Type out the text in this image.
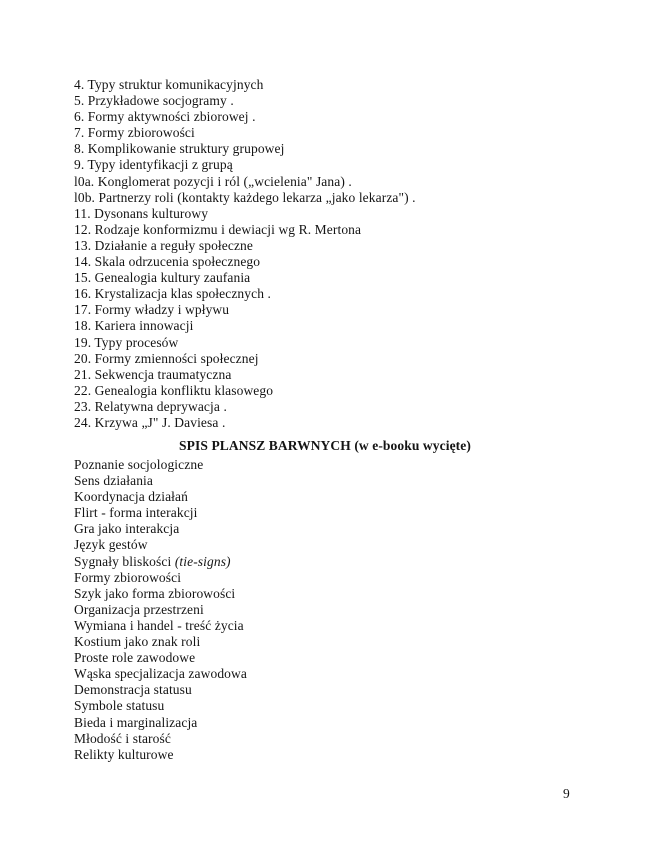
4. Typy struktur komunikacyjnych
5. Przykładowe socjogramy .
6. Formy aktywności zbiorowej .
7. Formy zbiorowości
8. Komplikowanie struktury grupowej
9. Typy identyfikacji z grupą
l0a. Konglomerat pozycji i ról („wcielenia" Jana) .
l0b. Partnerzy roli (kontakty każdego lekarza „jako lekarza") .
11. Dysonans kulturowy
12. Rodzaje konformizmu i dewiacji wg R. Mertona
13. Działanie a reguły społeczne
14. Skala odrzucenia społecznego
15. Genealogia kultury zaufania
16. Krystalizacja klas społecznych .
17. Formy władzy i wpływu
18. Kariera innowacji
19. Typy procesów
20. Formy zmienności społecznej
21. Sekwencja traumatyczna
22. Genealogia konfliktu klasowego
23. Relatywna deprywacja .
24. Krzywa „J" J. Daviesa .
SPIS PLANSZ BARWNYCH (w e-booku wycięte)
Poznanie socjologiczne
Sens działania
Koordynacja działań
Flirt - forma interakcji
Gra jako interakcja
Język gestów
Sygnały bliskości (tie-signs)
Formy zbiorowości
Szyk jako forma zbiorowości
Organizacja przestrzeni
Wymiana i handel - treść życia
Kostium jako znak roli
Proste role zawodowe
Wąska specjalizacja zawodowa
Demonstracja statusu
Symbole statusu
Bieda i marginalizacja
Młodość i starość
Relikty kulturowe
9
